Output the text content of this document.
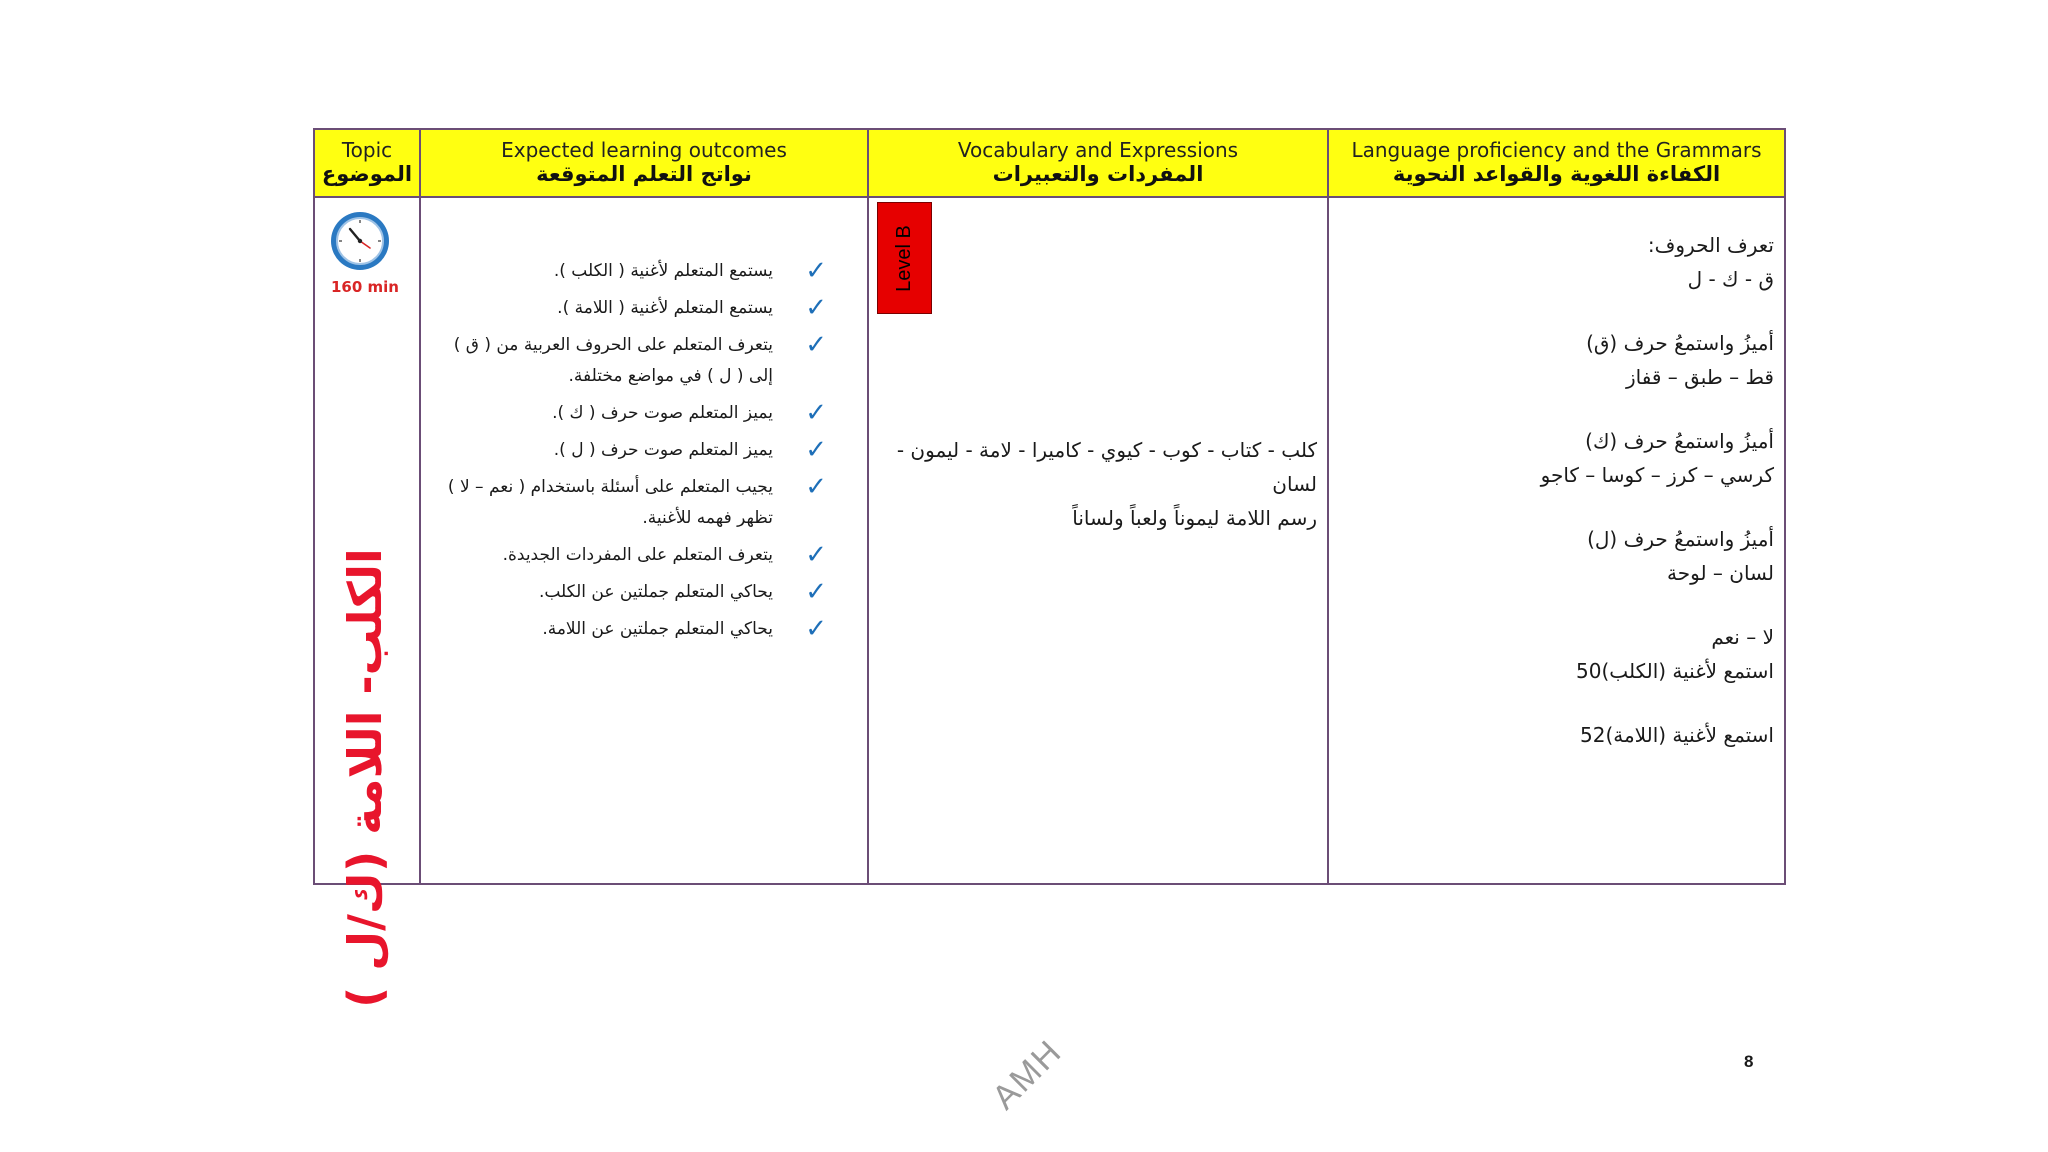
Topic
الموضوع
Expected learning outcomes
نواتج التعلم المتوقعة
Vocabulary and Expressions
المفردات والتعبيرات
Language proficiency and the Grammars
الكفاءة اللغوية والقواعد النحوية
160 min
الكلب- اللامة (ك/ل )
✓
يستمع المتعلم لأغنية ( الكلب ).
✓
يستمع المتعلم لأغنية ( اللامة ).
✓
يتعرف المتعلم على الحروف العربية من ( ق ) إلى ( ل ) في مواضع مختلفة.
✓
يميز المتعلم صوت حرف ( ك ).
✓
يميز المتعلم صوت حرف ( ل ).
✓
يجيب المتعلم على أسئلة باستخدام ( نعم – لا ) تظهر فهمه للأغنية.
✓
يتعرف المتعلم على المفردات الجديدة.
✓
يحاكي المتعلم جملتين عن الكلب.
✓
يحاكي المتعلم جملتين عن اللامة.
Level B
كلب - كتاب - كوب - كيوي - كاميرا - لامة - ليمون - لسان
رسم اللامة ليموناً ولعباً ولساناً
تعرف الحروف:
ق - ك - ل
أميزُ واستمعُ حرف (ق)
قط – طبق – قفاز
أميزُ واستمعُ حرف (ك)
كرسي – كرز – كوسا – كاجو
أميزُ واستمعُ حرف (ل)
لسان – لوحة
لا – نعم
استمع لأغنية (الكلب)50
استمع لأغنية (اللامة)52
8
AMH
